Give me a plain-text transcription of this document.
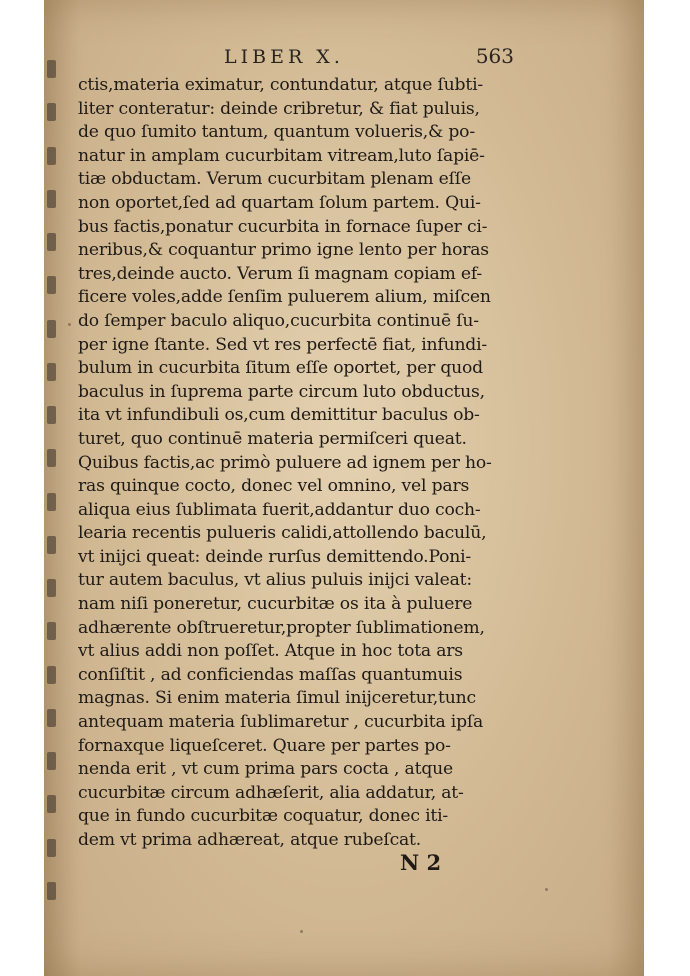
LIBER X.	563
ctis,materia eximatur, contundatur, atque ſubti-
liter conteratur: deinde cribretur, & fiat puluis,
de quo ſumito tantum, quantum volueris,& po-
natur in amplam cucurbitam vitream,luto ſapiē-
tiæ obductam. Verum cucurbitam plenam eſſe
non oportet,ſed ad quartam ſolum partem. Qui-
bus factis,ponatur cucurbita in fornace ſuper ci-
neribus,& coquantur primo igne lento per horas
tres,deinde aucto. Verum ſi magnam copiam ef-
ficere voles,adde ſenſim puluerem alium, miſcen
do ſemper baculo aliquo,cucurbita continuē ſu-
per igne ſtante. Sed vt res perfectē fiat, infundi-
bulum in cucurbita ſitum eſſe oportet, per quod
baculus in ſuprema parte circum luto obductus,
ita vt infundibuli os,cum demittitur baculus ob-
turet, quo continuē materia permiſceri queat.
Quibus factis,ac primò puluere ad ignem per ho-
ras quinque cocto, donec vel omnino, vel pars
aliqua eius ſublimata fuerit,addantur duo coch-
learia recentis pulueris calidi,attollendo baculū,
vt inijci queat: deinde rurſus demittendo.Poni-
tur autem baculus, vt alius puluis inijci valeat:
nam niſi poneretur, cucurbitæ os ita à puluere
adhærente obſtrueretur,propter ſublimationem,
vt alius addi non poſſet. Atque in hoc tota ars
conſiſtit , ad conficiendas maſſas quantumuis
magnas. Si enim materia ſimul inijceretur,tunc
antequam materia ſublimaretur , cucurbita ipſa
fornaxque liqueſceret. Quare per partes po-
nenda erit , vt cum prima pars cocta , atque
cucurbitæ circum adhæſerit, alia addatur, at-
que in fundo cucurbitæ coquatur, donec iti-
dem vt prima adhæreat, atque rubeſcat.
N 2
